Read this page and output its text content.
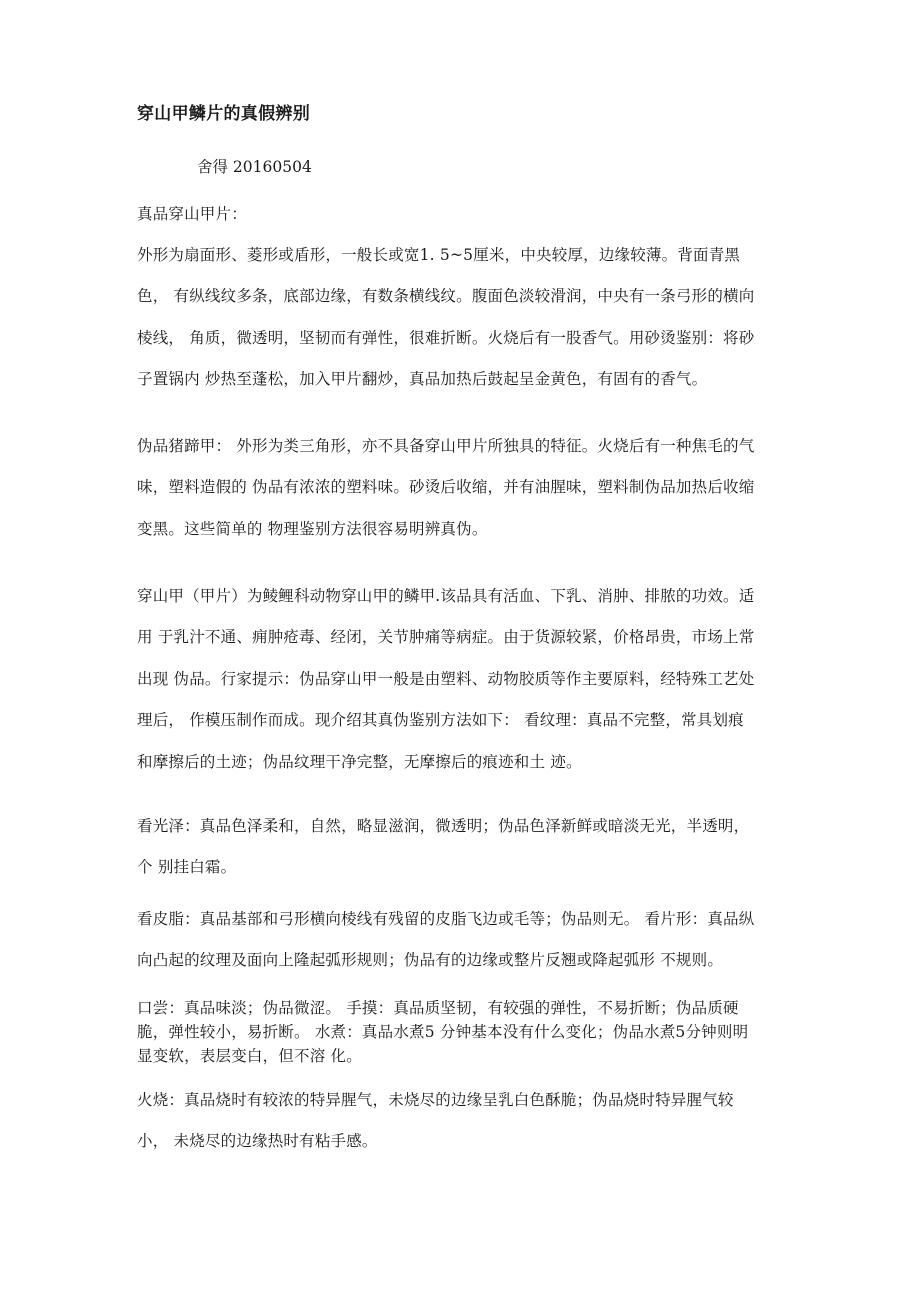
穿山甲鳞片的真假辨别
舍得 20160504
真品穿山甲片：
外形为扇面形、菱形或盾形，一般长或宽1. 5~5厘米，中央较厚，边缘较薄。背面青黑
色， 有纵线纹多条，底部边缘，有数条横线纹。腹面色淡较滑润，中央有一条弓形的横向
棱线， 角质，微透明，坚韧而有弹性，很难折断。火烧后有一股香气。用砂烫鉴别：将砂
子置锅内 炒热至蓬松，加入甲片翻炒，真品加热后鼓起呈金黄色，有固有的香气。
伪品猪蹄甲： 外形为类三角形，亦不具备穿山甲片所独具的特征。火烧后有一种焦毛的气
味，塑料造假的 伪品有浓浓的塑料味。砂烫后收缩，并有油腥味，塑料制伪品加热后收缩
变黑。这些简单的 物理鉴别方法很容易明辨真伪。
穿山甲（甲片）为鲮鲤科动物穿山甲的鳞甲.该品具有活血、下乳、消肿、排脓的功效。适
用 于乳汁不通、痈肿疮毒、经闭，关节肿痛等病症。由于货源较紧，价格昂贵，市场上常
出现 伪品。行家提示：伪品穿山甲一般是由塑料、动物胶质等作主要原料，经特殊工艺处
理后， 作模压制作而成。现介绍其真伪鉴别方法如下： 看纹理：真品不完整，常具划痕
和摩擦后的土迹；伪品纹理干净完整，无摩擦后的痕迹和土 迹。
看光泽：真品色泽柔和，自然，略显滋润，微透明；伪品色泽新鲜或暗淡无光，半透明，
个 别挂白霜。
看皮脂：真品基部和弓形横向棱线有残留的皮脂飞边或毛等；伪品则无。 看片形：真品纵
向凸起的纹理及面向上隆起弧形规则；伪品有的边缘或整片反翘或降起弧形 不规则。
口尝：真品味淡；伪品微涩。 手摸：真品质坚韧，有较强的弹性，不易折断；伪品质硬
脆，弹性较小，易折断。 水煮：真品水煮5 分钟基本没有什么变化；伪品水煮5分钟则明
显变软，表层变白，但不溶 化。
火烧：真品烧时有较浓的特异腥气，未烧尽的边缘呈乳白色酥脆；伪品烧时特异腥气较
小， 未烧尽的边缘热时有粘手感。
